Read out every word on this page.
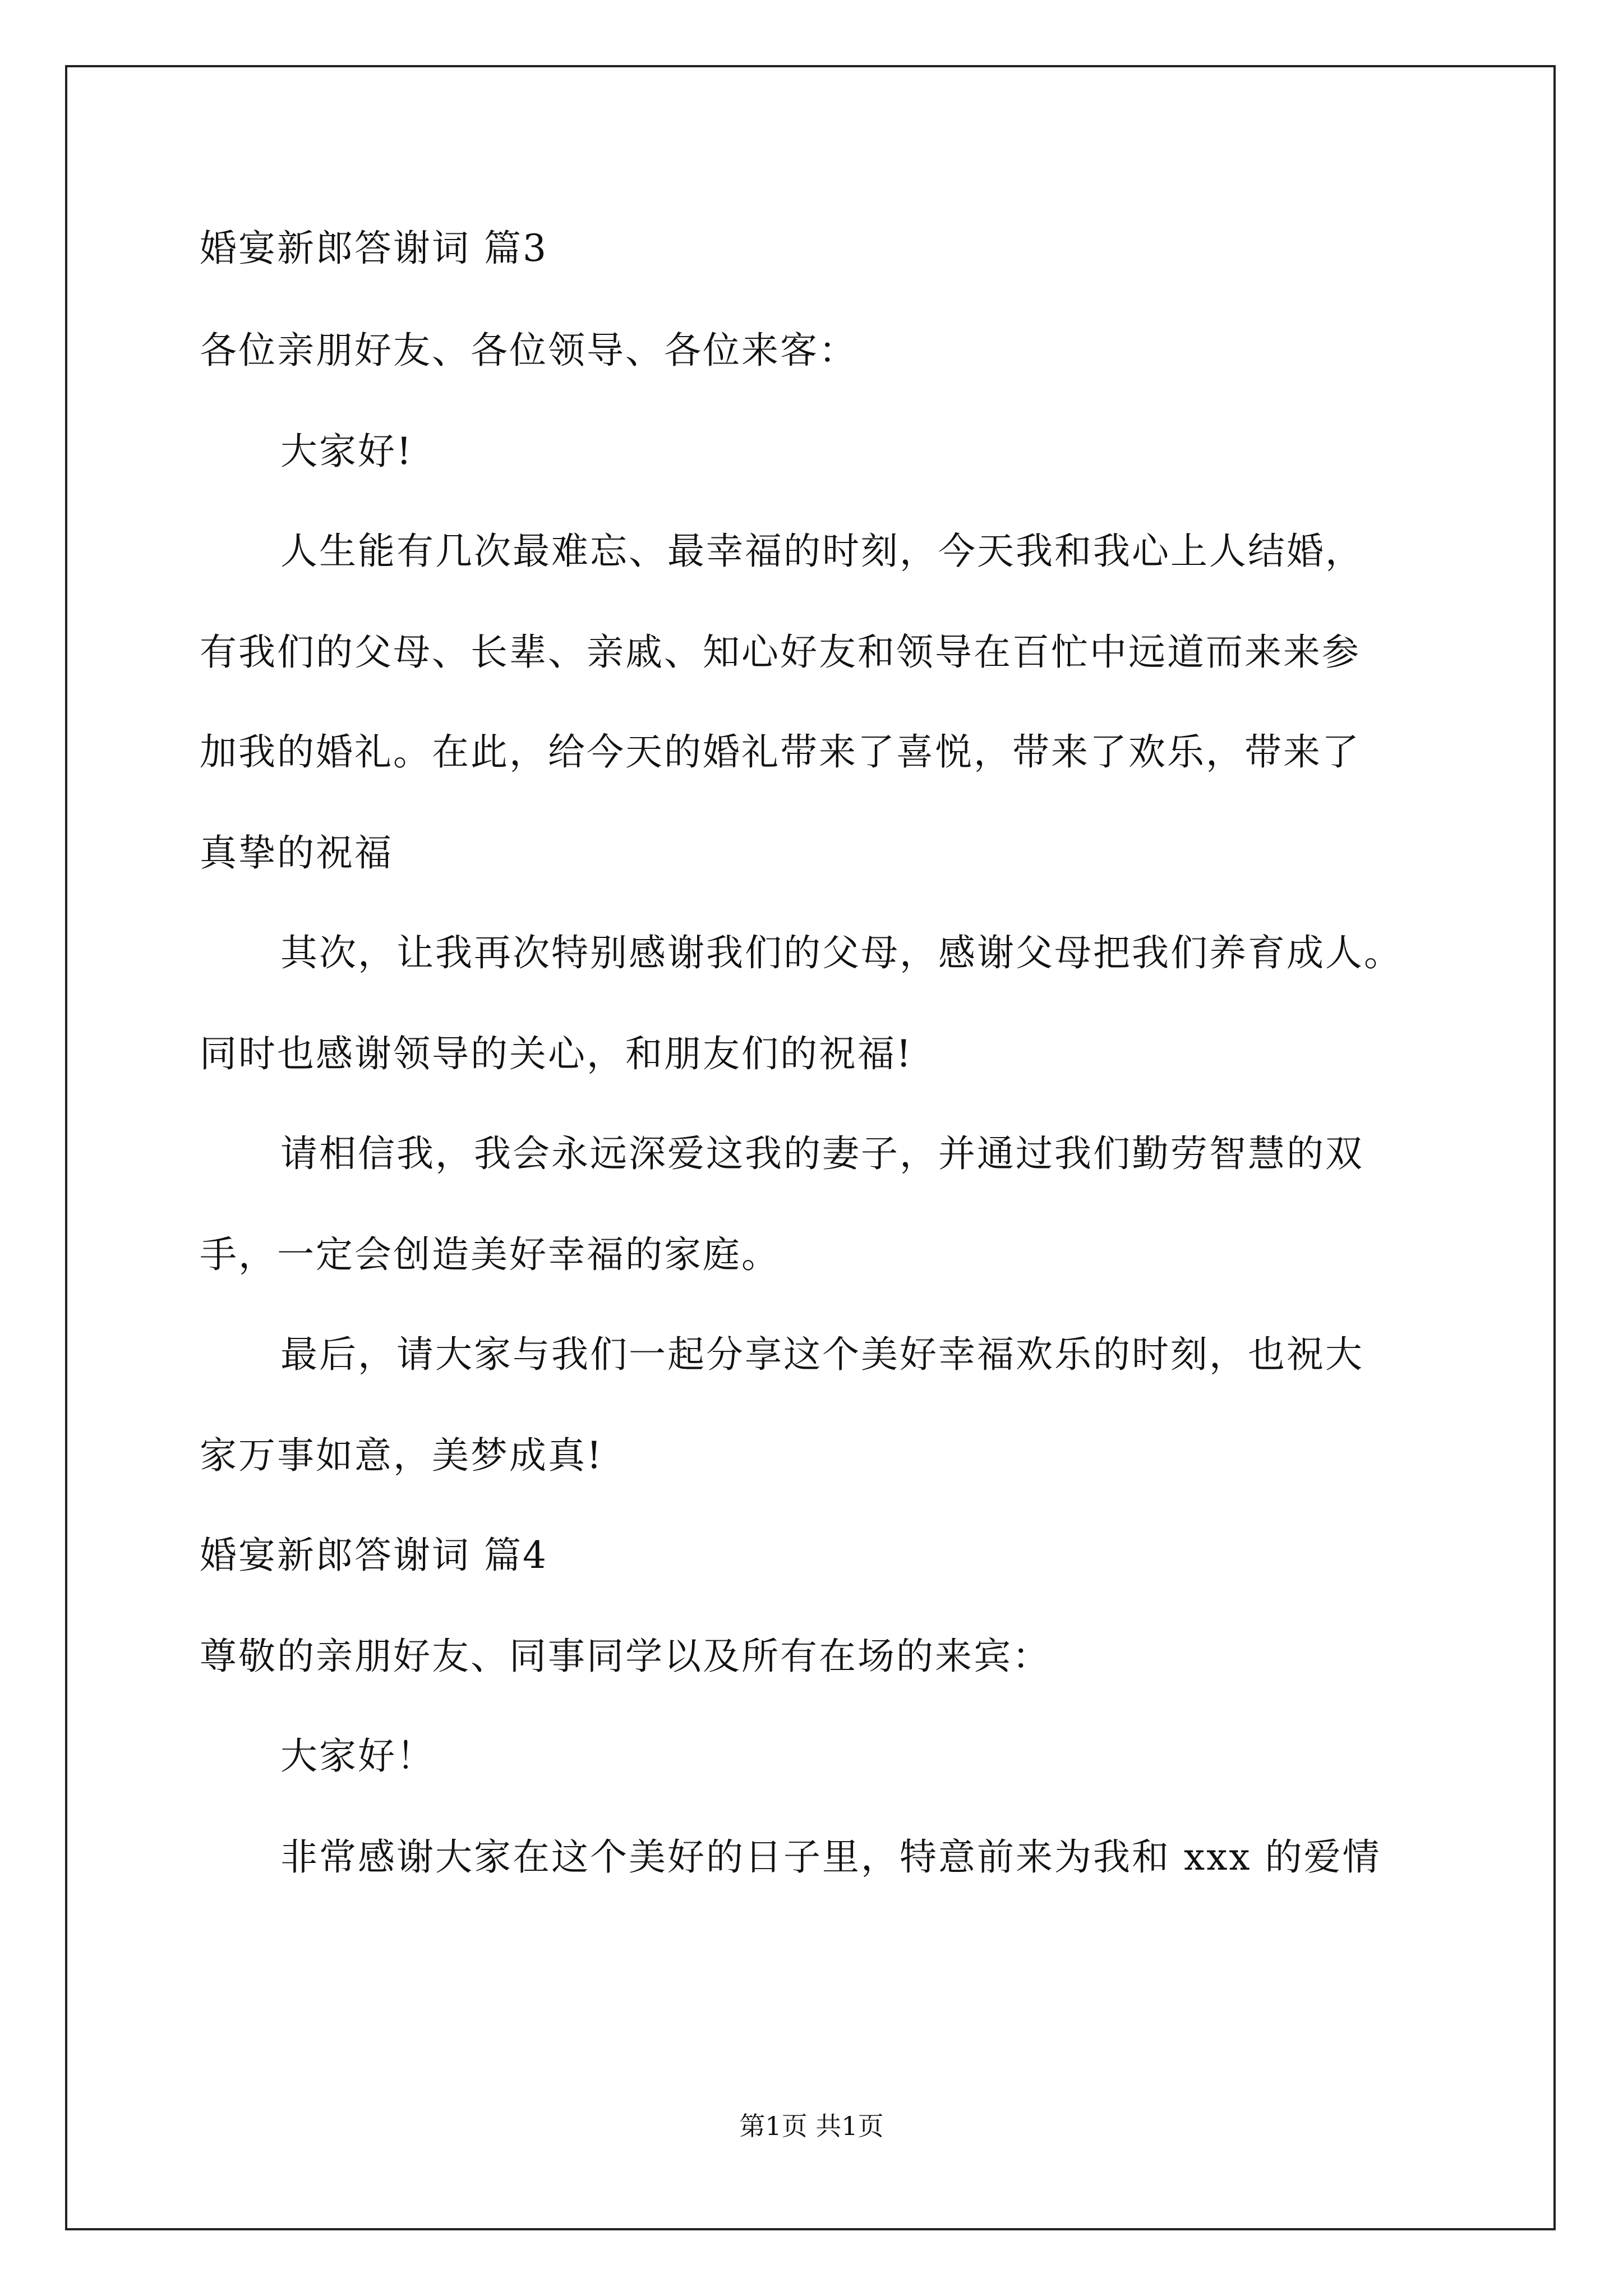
婚宴新郎答谢词 篇3
各位亲朋好友、各位领导、各位来客：
大家好!
人生能有几次最难忘、最幸福的时刻，今天我和我心上人结婚，
有我们的父母、长辈、亲戚、知心好友和领导在百忙中远道而来来参
加我的婚礼。在此，给今天的婚礼带来了喜悦，带来了欢乐，带来了
真挚的祝福
其次，让我再次特别感谢我们的父母，感谢父母把我们养育成人。
同时也感谢领导的关心，和朋友们的祝福!
请相信我，我会永远深爱这我的妻子，并通过我们勤劳智慧的双
手，一定会创造美好幸福的家庭。
最后，请大家与我们一起分享这个美好幸福欢乐的时刻，也祝大
家万事如意，美梦成真!
婚宴新郎答谢词 篇4
尊敬的亲朋好友、同事同学以及所有在场的来宾：
大家好！
非常感谢大家在这个美好的日子里，特意前来为我和 xxx 的爱情
第1页 共1页
